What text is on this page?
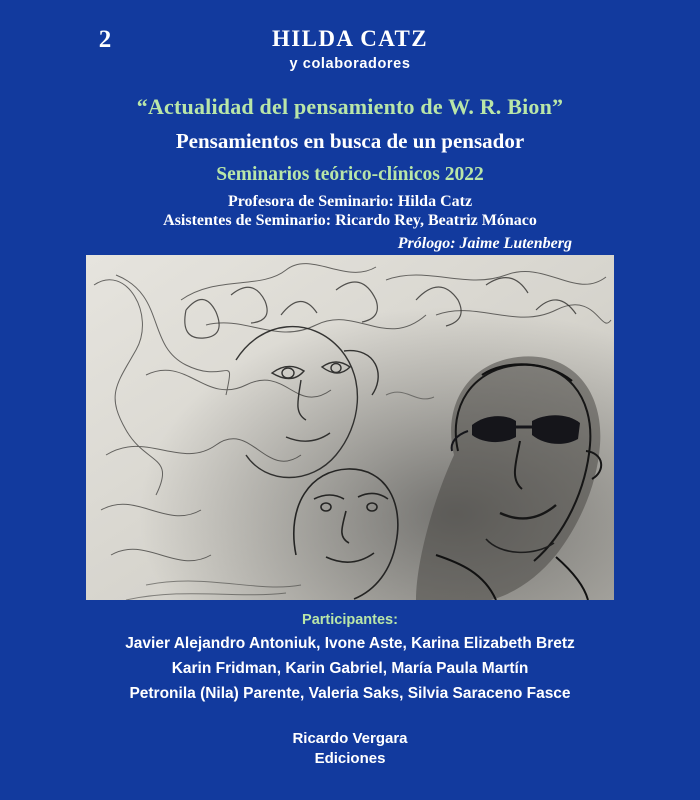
2	HILDA CATZ

y colaboradores

“Actualidad del pensamiento de W. R. Bion”

Pensamientos en busca de un pensador

Seminarios teórico-clínicos 2022

Profesora de Seminario: Hilda Catz

Asistentes de Seminario: Ricardo Rey, Beatriz Mónaco

Prólogo: Jaime Lutenberg

Participantes:

Javier Alejandro Antoniuk, Ivone Aste, Karina Elizabeth Bretz

Karin Fridman, Karin Gabriel, María Paula Martín

Petronila (Nila) Parente, Valeria Saks, Silvia Saraceno Fasce

Ricardo Vergara
Ediciones
